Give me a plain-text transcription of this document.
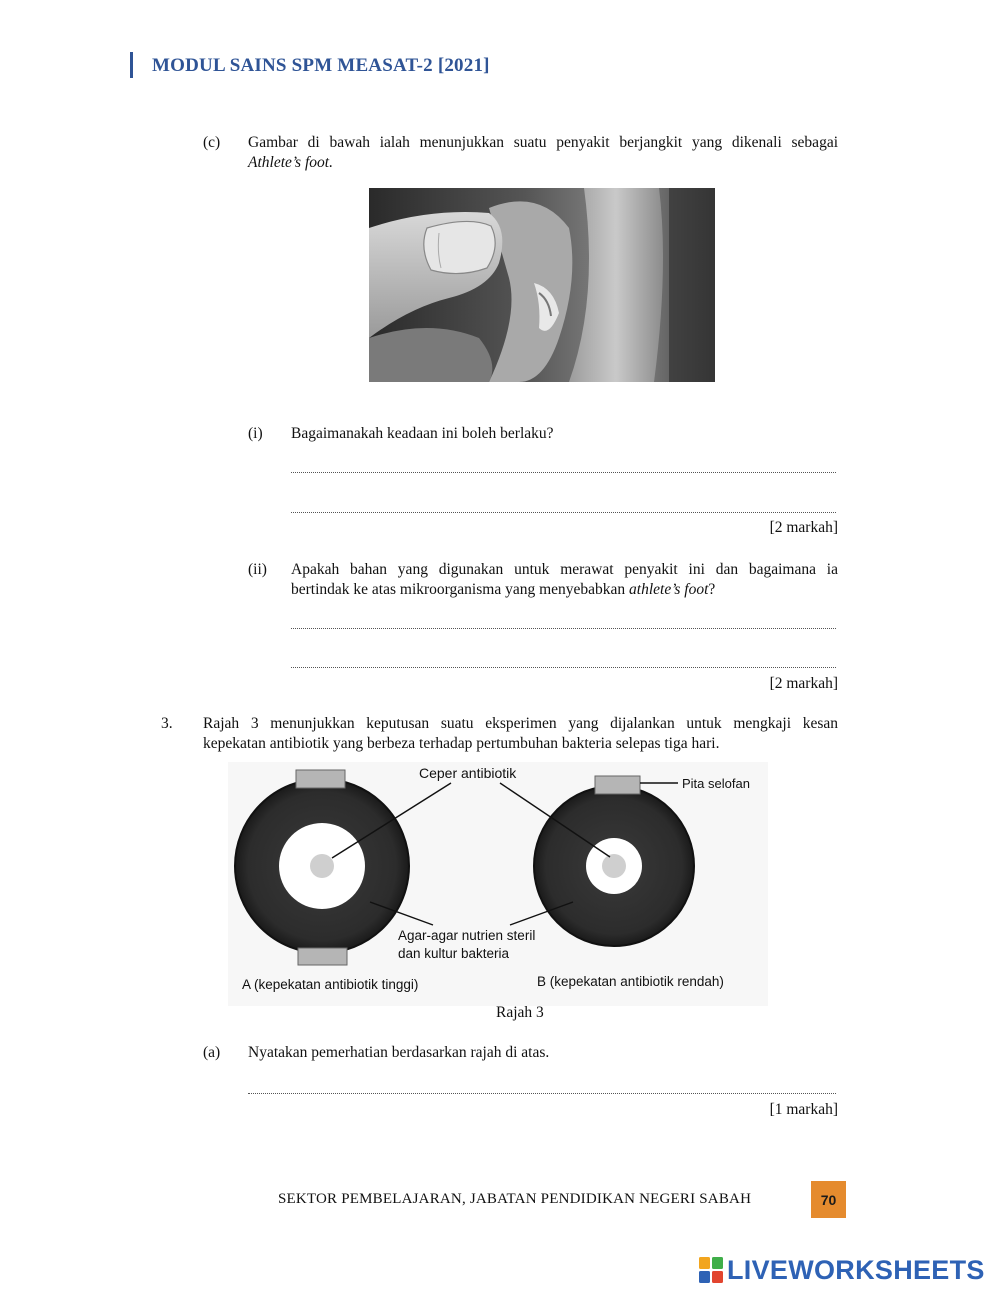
MODUL SAINS SPM MEASAT-2 [2021]
(c) Gambar di bawah ialah menunjukkan suatu penyakit berjangkit yang dikenali sebagai
Athlete’s foot.
(i) Bagaimanakah keadaan ini boleh berlaku?
[2 markah]
(ii) Apakah bahan yang digunakan untuk merawat penyakit ini dan bagaimana ia
bertindak ke atas mikroorganisma yang menyebabkan athlete’s foot?
[2 markah]
3. Rajah 3 menunjukkan keputusan suatu eksperimen yang dijalankan untuk mengkaji kesan
kepekatan antibiotik yang berbeza terhadap pertumbuhan bakteria selepas tiga hari.
Ceper antibiotik
Pita selofan
Agar-agar nutrien steril
dan kultur bakteria
A (kepekatan antibiotik tinggi)	B (kepekatan antibiotik rendah)
Rajah 3
(a) Nyatakan pemerhatian berdasarkan rajah di atas.
[1 markah]
SEKTOR PEMBELAJARAN, JABATAN PENDIDIKAN NEGERI SABAH	70
LIVEWORKSHEETS
